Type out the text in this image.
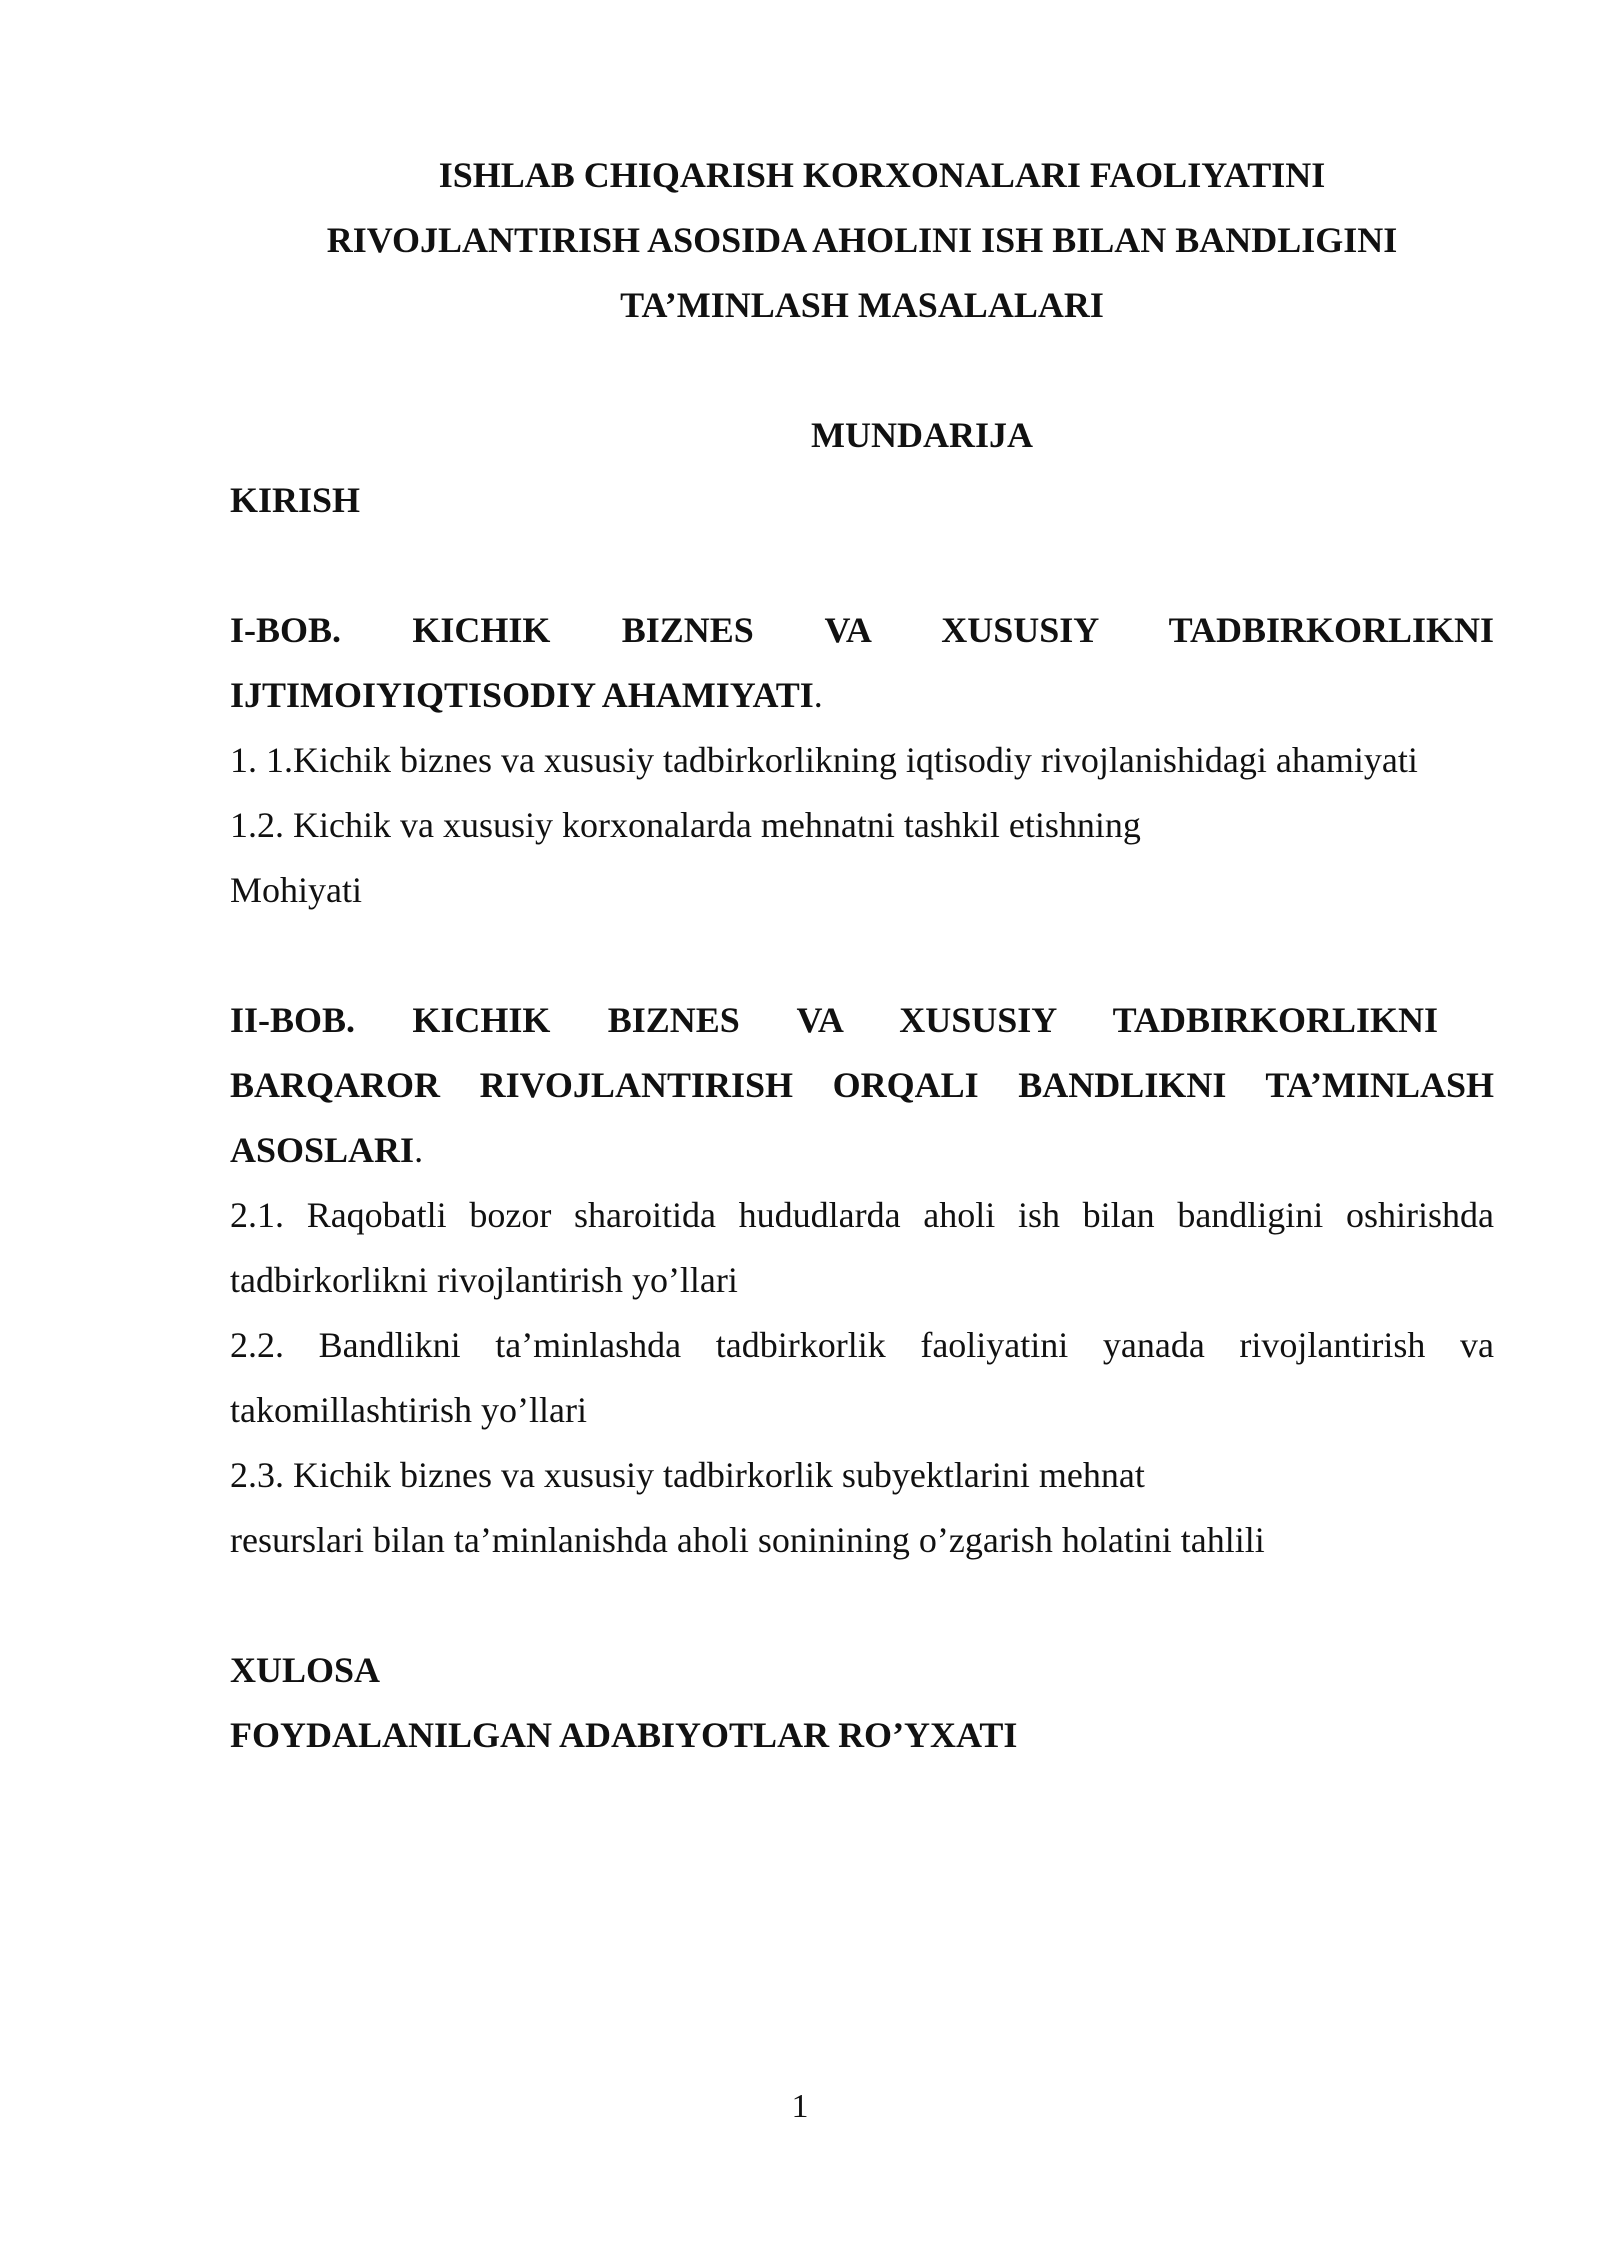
ISHLAB CHIQARISH KORXONALARI FAOLIYATINI
RIVOJLANTIRISH ASOSIDA AHOLINI ISH BILAN BANDLIGINI
TA’MINLASH MASALALARI
MUNDARIJA
KIRISH
I-BOB. KICHIK BIZNES VA XUSUSIY TADBIRKORLIKNI
IJTIMOIYIQTISODIY AHAMIYATI.
1. 1.Kichik biznes va xususiy tadbirkorlikning iqtisodiy rivojlanishidagi ahamiyati
1.2. Kichik va xususiy korxonalarda mehnatni tashkil etishning
Mohiyati
II-BOB. KICHIK BIZNES VA XUSUSIY TADBIRKORLIKNI
BARQAROR RIVOJLANTIRISH ORQALI BANDLIKNI TA’MINLASH
ASOSLARI.
2.1. Raqobatli bozor sharoitida hududlarda aholi ish bilan bandligini oshirishda
tadbirkorlikni rivojlantirish yo’llari
2.2. Bandlikni ta’minlashda tadbirkorlik faoliyatini yanada rivojlantirish va
takomillashtirish yo’llari
2.3. Kichik biznes va xususiy tadbirkorlik subyektlarini mehnat
resurslari bilan ta’minlanishda aholi soninining o’zgarish holatini tahlili
XULOSA
FOYDALANILGAN ADABIYOTLAR RO’YXATI
1
